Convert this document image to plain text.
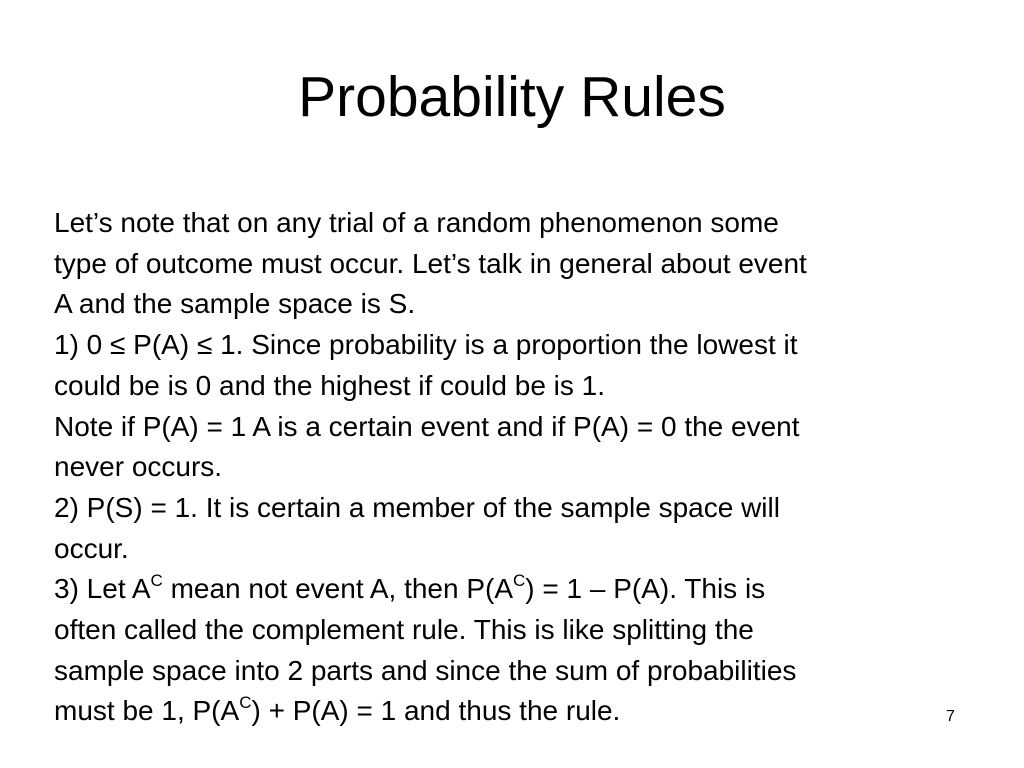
Probability Rules
Let’s note that on any trial of a random phenomenon some
type of outcome must occur. Let’s talk in general about event
A and the sample space is S.
1) 0 ≤ P(A) ≤ 1. Since probability is a proportion the lowest it
could be is 0 and the highest if could be is 1.
Note if P(A) = 1 A is a certain event and if P(A) = 0 the event
never occurs.
2) P(S) = 1. It is certain a member of the sample space will
occur.
3) Let $A^C$ mean not event A, then $P(A^C) = 1 - P(A)$. This is
often called the complement rule. This is like splitting the
sample space into 2 parts and since the sum of probabilities
must be 1, $P(A^C) + P(A) = 1$ and thus the rule.	7
